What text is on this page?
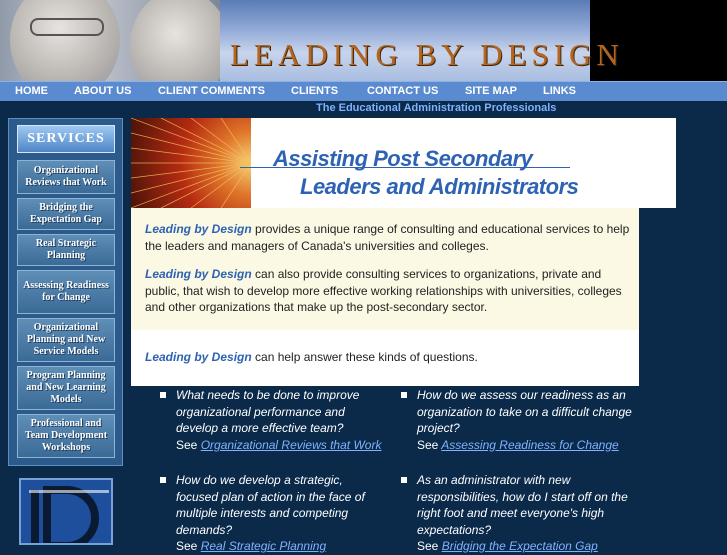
LEADING BY DESIGN
HOME ABOUT US CLIENT COMMENTS CLIENTS	CONTACT US SITE MAP LINKS
The Educational Administration Professionals
SERVICES
Organizational Reviews that Work
Bridging the Expectation Gap
Real Strategic Planning
Assessing Readiness for Change
Organizational Planning and New Service Models
Program Planning and New Learning Models
Professional and Team Development Workshops
Assisting Post Secondary
Leaders and Administrators
Leading by Design provides a unique range of consulting and educational services to help the leaders and managers of Canada's universities and colleges.
Leading by Design can also provide consulting services to organizations, private and public, that wish to develop more effective working relationships with universities, colleges and other organizations that make up the post-secondary sector.
Leading by Design can help answer these kinds of questions.
What needs to be done to improve organizational performance and develop a more effective team?
See Organizational Reviews that Work
How do we assess our readiness as an organization to take on a difficult change project?
See Assessing Readiness for Change
How do we develop a strategic, focused plan of action in the face of multiple interests and competing demands?
See Real Strategic Planning
As an administrator with new responsibilities, how do I start off on the right foot and meet everyone's high expectations?
See Bridging the Expectation Gap
